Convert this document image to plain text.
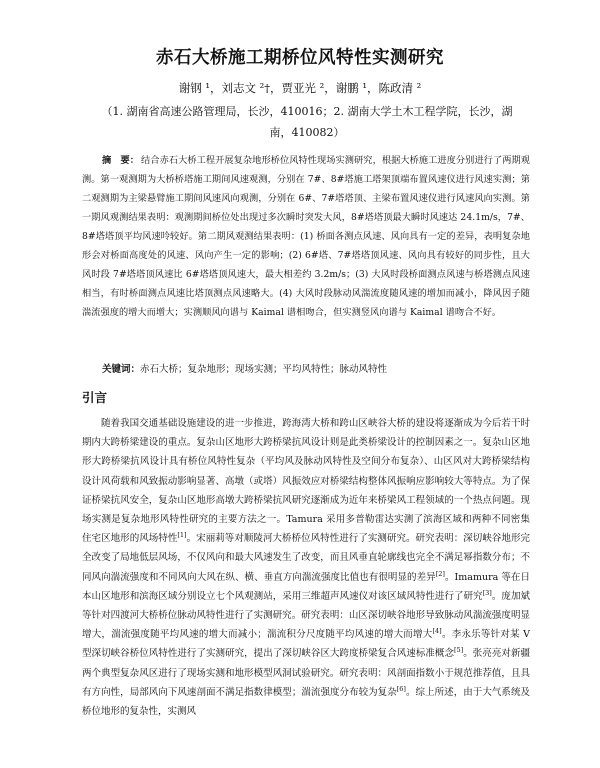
赤石大桥施工期桥位风特性实测研究
谢钢 ¹，刘志文 ²†，贾亚光 ²，谢鹏 ¹，陈政清 ²
（1. 湖南省高速公路管理局，长沙，410016；2. 湖南大学土木工程学院，长沙，湖南，410082）
摘　要： 结合赤石大桥工程开展复杂地形桥位风特性现场实测研究，根据大桥施工进度分别进行了两期观测。第一观测期为大桥桥塔施工期间风速观测，分别在 7#、8#塔施工塔架顶端布置风速仪进行风速实测；第二观测期为主梁悬臂施工期间风速风向观测，分别在 6#、7#塔塔顶、主梁布置风速仪进行风速风向实测。第一期风观测结果表明：观测期间桥位处出现过多次瞬时突发大风，8#塔塔顶最大瞬时风速达 24.1m/s，7#、8#塔塔顶平均风速呤较好。第二期风观测结果表明：(1) 桥面各测点风速、风向具有一定的差异，表明复杂地形会对桥面高度处的风速、风向产生一定的影响；(2) 6#塔、7#塔塔顶风速、风向具有较好的同步性，且大风时段 7#塔塔顶风速比 6#塔塔顶风速大，最大相差约 3.2m/s；(3) 大风时段桥面测点风速与桥塔测点风速相当，有时桥面测点风速比塔顶测点风速略大。(4) 大风时段脉动风湍流度随风速的增加而减小，降风因子随湍流强度的增大而增大；实测顺风向谱与 Kaimal 谱相吻合，但实测竖风向谱与 Kaimal 谱吻合不好。
关键词：赤石大桥；复杂地形；现场实测；平均风特性；脉动风特性
引言
随着我国交通基础设施建设的进一步推进，跨海湾大桥和跨山区峡谷大桥的建设将逐渐成为今后若干时期内大跨桥梁建设的重点。复杂山区地形大跨桥梁抗风设计则是此类桥梁设计的控制因素之一。复杂山区地形大跨桥梁抗风设计具有桥位风特性复杂（平均风及脉动风特性及空间分布复杂）、山区风对大跨桥梁结构设计风荷载和风致振动影响显著、高墩（或塔）风振效应对桥梁结构整体风振响应影响较大等特点。为了保证桥梁抗风安全，复杂山区地形高墩大跨桥梁抗风研究逐渐成为近年来桥梁风工程领域的一个热点问题。现场实测是复杂地形风特性研究的主要方法之一。Tamura 采用多普勒雷达实测了滨海区域和两种不同密集住宅区地形的风场特性[1]。宋丽莉等对顺陵河大桥桥位风特性进行了实测研究。研究表明：深切峡谷地形完全改变了局地低层风场，不仅风向和最大风速发生了改变，而且风垂直轮廓线也完全不满足幂指数分布；不同风向湍流强度和不同风向大风在纵、横、垂直方向湍流强度比值也有很明显的差异[2]。Imamura 等在日本山区地形和滨海区域分别设立七个风观测站，采用三维超声风速仪对该区域风特性进行了研究[3]。庞加斌等针对四渡河大桥桥位脉动风特性进行了实测研究。研究表明：山区深切峡谷地形导致脉动风湍流强度明显增大，湍流强度随平均风速的增大而减小；湍流积分尺度随平均风速的增大而增大[4]。李永乐等针对某 V 型深切峡谷桥位风特性进行了实测研究，提出了深切峡谷区大跨度桥梁复合风速标准概念[5]。张亮亮对新疆两个典型复杂风区进行了现场实测和地形模型风洞试验研究。研究表明：风剖面指数小于规范推荐值，且具有方向性，局部风向下风速剖面不满足指数律模型；湍流强度分布较为复杂[6]。综上所述，由于大气系统及桥位地形的复杂性，实测风
